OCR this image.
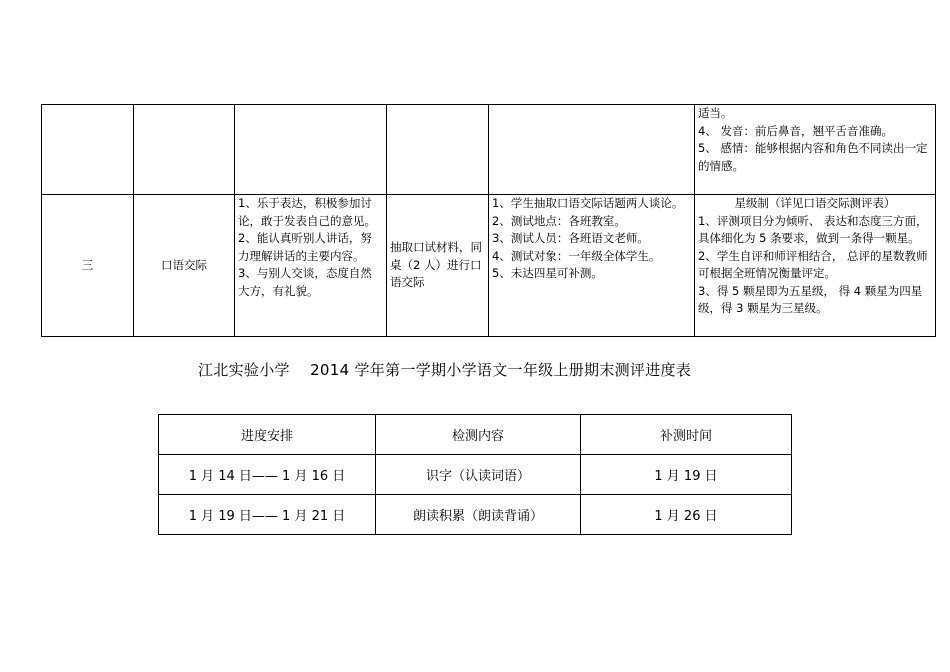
					适当。
4、 发音：前后鼻音，翘平舌音准确。
5、 感情：能够根据内容和角色不同读出一定的情感。

三	口语交际	1、乐于表达，积极参加讨论，敢于发表自己的意见。
2、能认真听别人讲话，努力理解讲话的主要内容。
3、与别人交谈，态度自然大方，有礼貌。	抽取口试材料，同桌（2 人）进行口语交际	1、学生抽取口语交际话题两人谈论。
2、测试地点：各班教室。
3、测试人员：各班语文老师。
4、测试对象：一年级全体学生。
5、未达四星可补测。	星级制（详见口语交际测评表）
1、评测项目分为倾听、 表达和态度三方面，具体细化为 5 条要求，做到一条得一颗星。
2、学生自评和师评相结合， 总评的星数教师可根据全班情况衡量评定。
3、得 5 颗星即为五星级， 得 4 颗星为四星级，得 3 颗星为三星级。
江北实验小学    2014 学年第一学期小学语文一年级上册期末测评进度表
进度安排	检测内容	补测时间
1 月 14 日—— 1 月 16 日	识字（认读词语）	1 月 19 日
1 月 19 日—— 1 月 21 日	朗读积累（朗读背诵）	1 月 26 日
